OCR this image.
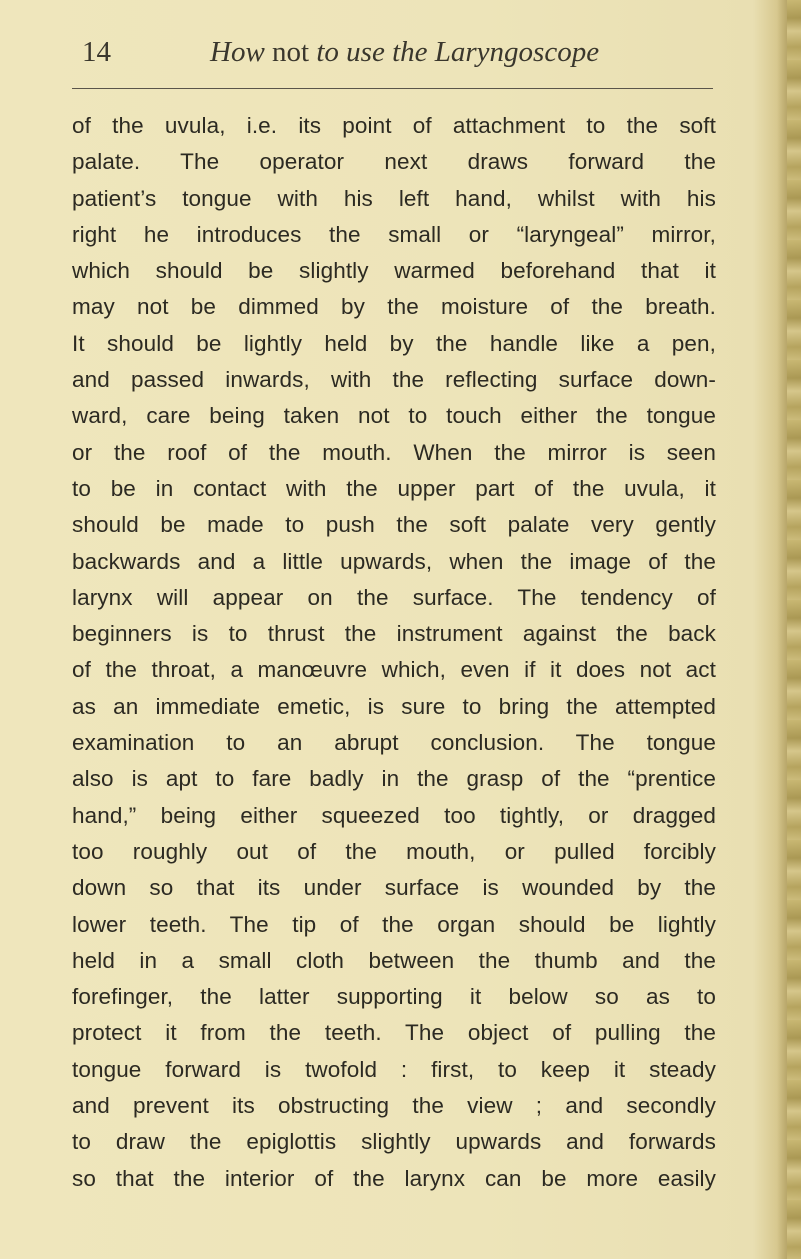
14	How not to use the Laryngoscope
of the uvula, i.e. its point of attachment to the soft
palate. The operator next draws forward the
patient’s tongue with his left hand, whilst with his
right he introduces the small or “laryngeal” mirror,
which should be slightly warmed beforehand that it
may not be dimmed by the moisture of the breath.
It should be lightly held by the handle like a pen,
and passed inwards, with the reflecting surface down-
ward, care being taken not to touch either the tongue
or the roof of the mouth. When the mirror is seen
to be in contact with the upper part of the uvula, it
should be made to push the soft palate very gently
backwards and a little upwards, when the image of the
larynx will appear on the surface. The tendency of
beginners is to thrust the instrument against the back
of the throat, a manœuvre which, even if it does not act
as an immediate emetic, is sure to bring the attempted
examination to an abrupt conclusion. The tongue
also is apt to fare badly in the grasp of the “prentice
hand,” being either squeezed too tightly, or dragged
too roughly out of the mouth, or pulled forcibly
down so that its under surface is wounded by the
lower teeth. The tip of the organ should be lightly
held in a small cloth between the thumb and the
forefinger, the latter supporting it below so as to
protect it from the teeth. The object of pulling the
tongue forward is twofold : first, to keep it steady
and prevent its obstructing the view ; and secondly
to draw the epiglottis slightly upwards and forwards
so that the interior of the larynx can be more easily
